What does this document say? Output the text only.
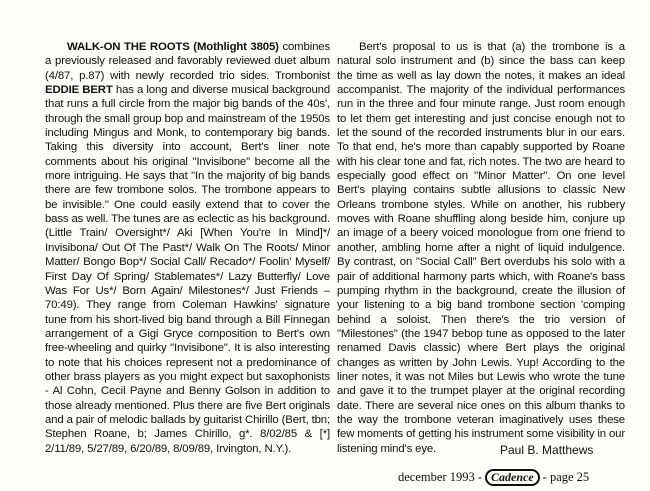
WALK-ON THE ROOTS (Mothlight 3805) combines a previously released and favorably reviewed duet album (4/87, p.87) with newly recorded trio sides. Trombonist EDDIE BERT has a long and diverse musical background that runs a full circle from the major big bands of the 40s', through the small group bop and mainstream of the 1950s including Mingus and Monk, to contemporary big bands. Taking this diversity into account, Bert's liner note comments about his original "Invisibone" become all the more intriguing. He says that "In the majority of big bands there are few trombone solos. The trombone appears to be invisible." One could easily extend that to cover the bass as well. The tunes are as eclectic as his background. (Little Train/ Oversight*/ Aki [When You're In Mind]*/ Invisibona/ Out Of The Past*/ Walk On The Roots/ Minor Matter/ Bongo Bop*/ Social Call/ Recado*/ Foolin' Myself/ First Day Of Spring/ Stablemates*/ Lazy Butterfly/ Love Was For Us*/ Born Again/ Milestones*/ Just Friends – 70:49). They range from Coleman Hawkins' signature tune from his short-lived big band through a Bill Finnegan arrangement of a Gigi Gryce composition to Bert's own free-wheeling and quirky "Invisibone". It is also interesting to note that his choices represent not a predominance of other brass players as you might expect but saxophonists - Al Cohn, Cecil Payne and Benny Golson in addition to those already mentioned. Plus there are five Bert originals and a pair of melodic ballads by guitarist Chirillo (Bert, tbn; Stephen Roane, b; James Chirillo, g*. 8/02/85 & [*] 2/11/89, 5/27/89, 6/20/89, 8/09/89, Irvington, N.Y.).

Bert's proposal to us is that (a) the trombone is a natural solo instrument and (b) since the bass can keep the time as well as lay down the notes, it makes an ideal accompanist. The majority of the individual performances run in the three and four minute range. Just room enough to let them get interesting and just concise enough not to let the sound of the recorded instruments blur in our ears. To that end, he's more than capably supported by Roane with his clear tone and fat, rich notes. The two are heard to especially good effect on "Minor Matter". On one level Bert's playing contains subtle allusions to classic New Orleans trombone styles. While on another, his rubbery moves with Roane shuffling along beside him, conjure up an image of a beery voiced monologue from one friend to another, ambling home after a night of liquid indulgence. By contrast, on "Social Call" Bert overdubs his solo with a pair of additional harmony parts which, with Roane's bass pumping rhythm in the background, create the illusion of your listening to a big band trombone section 'comping behind a soloist. Then there's the trio version of "Milestones" (the 1947 bebop tune as opposed to the later renamed Davis classic) where Bert plays the original changes as written by John Lewis. Yup! According to the liner notes, it was not Miles but Lewis who wrote the tune and gave it to the trumpet player at the original recording date. There are several nice ones on this album thanks to the way the trombone veteran imaginatively uses these few moments of getting his instrument some visibility in our listening mind's eye.	Paul B. Matthews
december 1993 - Cadence - page 25
